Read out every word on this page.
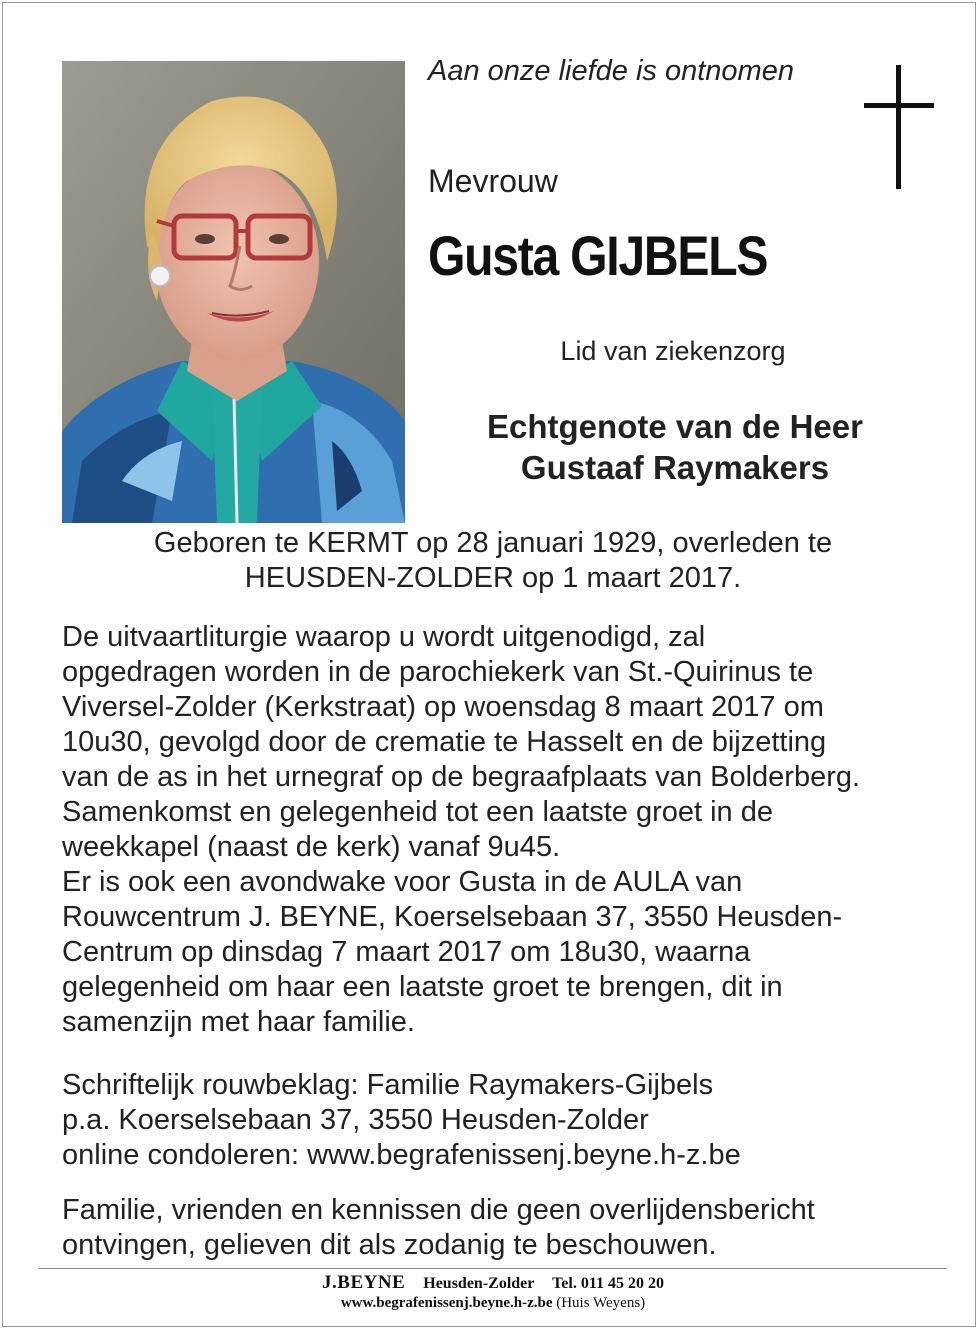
Aan onze liefde is ontnomen
Mevrouw
Gusta GIJBELS
Lid van ziekenzorg
Echtgenote van de Heer
Gustaaf Raymakers
Geboren te KERMT op 28 januari 1929, overleden te
HEUSDEN-ZOLDER op 1 maart 2017.
De uitvaartliturgie waarop u wordt uitgenodigd, zal
opgedragen worden in de parochiekerk van St.-Quirinus te
Viversel-Zolder (Kerkstraat) op woensdag 8 maart 2017 om
10u30, gevolgd door de crematie te Hasselt en de bijzetting
van de as in het urnegraf op de begraafplaats van Bolderberg.
Samenkomst en gelegenheid tot een laatste groet in de
weekkapel (naast de kerk) vanaf 9u45.
Er is ook een avondwake voor Gusta in de AULA van
Rouwcentrum J. BEYNE, Koerselsebaan 37, 3550 Heusden-
Centrum op dinsdag 7 maart 2017 om 18u30, waarna
gelegenheid om haar een laatste groet te brengen, dit in
samenzijn met haar familie.
Schriftelijk rouwbeklag: Familie Raymakers-Gijbels
p.a. Koerselsebaan 37, 3550 Heusden-Zolder
online condoleren: www.begrafenissenj.beyne.h-z.be
Familie, vrienden en kennissen die geen overlijdensbericht
ontvingen, gelieven dit als zodanig te beschouwen.
J.BEYNE Heusden-Zolder Tel. 011 45 20 20
www.begrafenissenj.beyne.h-z.be (Huis Weyens)
